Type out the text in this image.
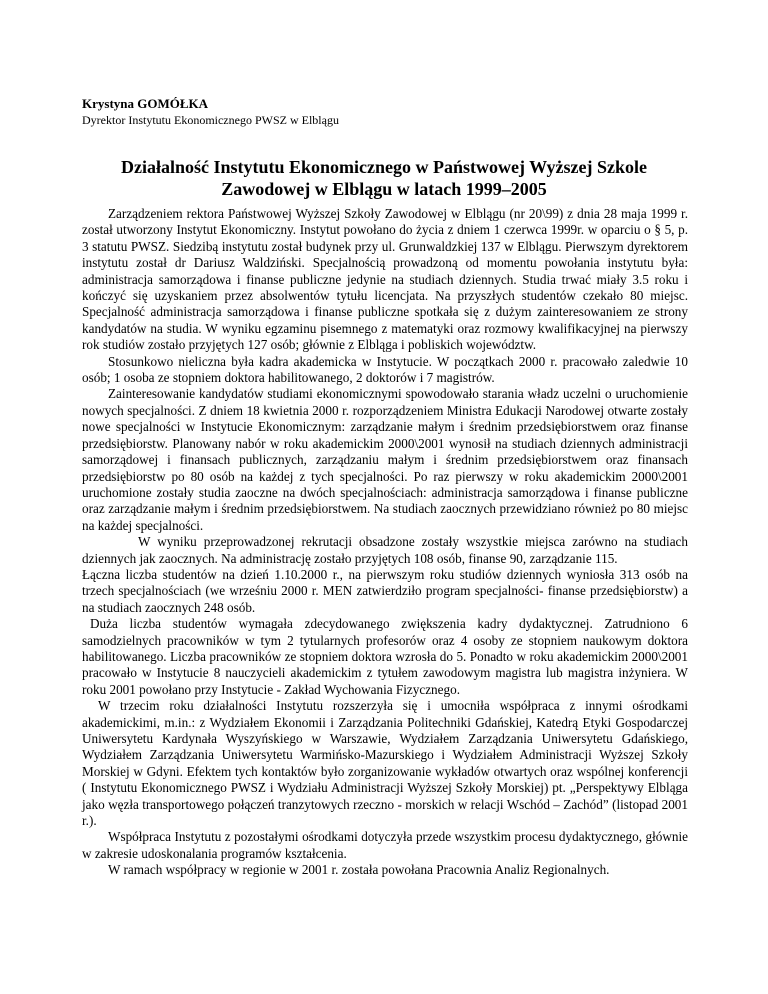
Krystyna GOMÓŁKA

Dyrektor Instytutu Ekonomicznego PWSZ w Elblągu

Działalność Instytutu Ekonomicznego w Państwowej Wyższej Szkole Zawodowej w Elblągu w latach 1999–2005

Zarządzeniem rektora Państwowej Wyższej Szkoły Zawodowej w Elblągu (nr 20\99) z dnia 28 maja 1999 r. został utworzony Instytut Ekonomiczny. Instytut powołano do życia z dniem 1 czerwca 1999r. w oparciu o § 5, p. 3 statutu PWSZ. Siedzibą instytutu został budynek przy ul. Grunwaldzkiej 137 w Elblągu. Pierwszym dyrektorem instytutu został dr Dariusz Waldziński. Specjalnością prowadzoną od momentu powołania instytutu była: administracja samorządowa i finanse publiczne jedynie na studiach dziennych. Studia trwać miały 3.5 roku i kończyć się uzyskaniem przez absolwentów tytułu licencjata. Na przyszłych studentów czekało 80 miejsc. Specjalność administracja samorządowa i finanse publiczne spotkała się z dużym zainteresowaniem ze strony kandydatów na studia. W wyniku egzaminu pisemnego z matematyki oraz rozmowy kwalifikacyjnej na pierwszy rok studiów zostało przyjętych 127 osób; głównie z Elbląga i pobliskich województw.

Stosunkowo nieliczna była kadra akademicka w Instytucie. W początkach 2000 r. pracowało zaledwie 10 osób; 1 osoba ze stopniem doktora habilitowanego, 2 doktorów i 7 magistrów.

Zainteresowanie kandydatów studiami ekonomicznymi spowodowało starania władz uczelni o uruchomienie nowych specjalności. Z dniem 18 kwietnia 2000 r. rozporządzeniem Ministra Edukacji Narodowej otwarte zostały nowe specjalności w Instytucie Ekonomicznym: zarządzanie małym i średnim przedsiębiorstwem oraz finanse przedsiębiorstw. Planowany nabór w roku akademickim 2000\2001 wynosił na studiach dziennych administracji samorządowej i finansach publicznych, zarządzaniu małym i średnim przedsiębiorstwem oraz finansach przedsiębiorstw po 80 osób na każdej z tych specjalności. Po raz pierwszy w roku akademickim 2000\2001 uruchomione zostały studia zaoczne na dwóch specjalnościach: administracja samorządowa i finanse publiczne oraz zarządzanie małym i średnim przedsiębiorstwem. Na studiach zaocznych przewidziano również po 80 miejsc na każdej specjalności.

W wyniku przeprowadzonej rekrutacji obsadzone zostały wszystkie miejsca zarówno na studiach dziennych jak zaocznych. Na administrację zostało przyjętych 108 osób, finanse 90, zarządzanie 115.

Łączna liczba studentów na dzień 1.10.2000 r., na pierwszym roku studiów dziennych wyniosła 313 osób na trzech specjalnościach (we wrześniu 2000 r. MEN zatwierdziło program specjalności- finanse przedsiębiorstw) a na studiach zaocznych 248 osób.

Duża liczba studentów wymagała zdecydowanego zwiększenia kadry dydaktycznej. Zatrudniono 6 samodzielnych pracowników w tym 2 tytularnych profesorów oraz 4 osoby ze stopniem naukowym doktora habilitowanego. Liczba pracowników ze stopniem doktora wzrosła do 5. Ponadto w roku akademickim 2000\2001 pracowało w Instytucie 8 nauczycieli akademickim z tytułem zawodowym magistra lub magistra inżyniera. W roku 2001 powołano przy Instytucie - Zakład Wychowania Fizycznego.

W trzecim roku działalności Instytutu rozszerzyła się i umocniła współpraca z innymi ośrodkami akademickimi, m.in.: z Wydziałem Ekonomii i Zarządzania Politechniki Gdańskiej, Katedrą Etyki Gospodarczej Uniwersytetu Kardynała Wyszyńskiego w Warszawie, Wydziałem Zarządzania Uniwersytetu Gdańskiego, Wydziałem Zarządzania Uniwersytetu Warmińsko-Mazurskiego i Wydziałem Administracji Wyższej Szkoły Morskiej w Gdyni. Efektem tych kontaktów było zorganizowanie wykładów otwartych oraz wspólnej konferencji ( Instytutu Ekonomicznego PWSZ i Wydziału Administracji Wyższej Szkoły Morskiej) pt. „Perspektywy Elbląga jako węzła transportowego połączeń tranzytowych rzeczno - morskich w relacji Wschód – Zachód” (listopad 2001 r.).

Współpraca Instytutu z pozostałymi ośrodkami dotyczyła przede wszystkim procesu dydaktycznego, głównie w zakresie udoskonalania programów kształcenia.

W ramach współpracy w regionie w 2001 r. została powołana Pracownia Analiz Regionalnych.
